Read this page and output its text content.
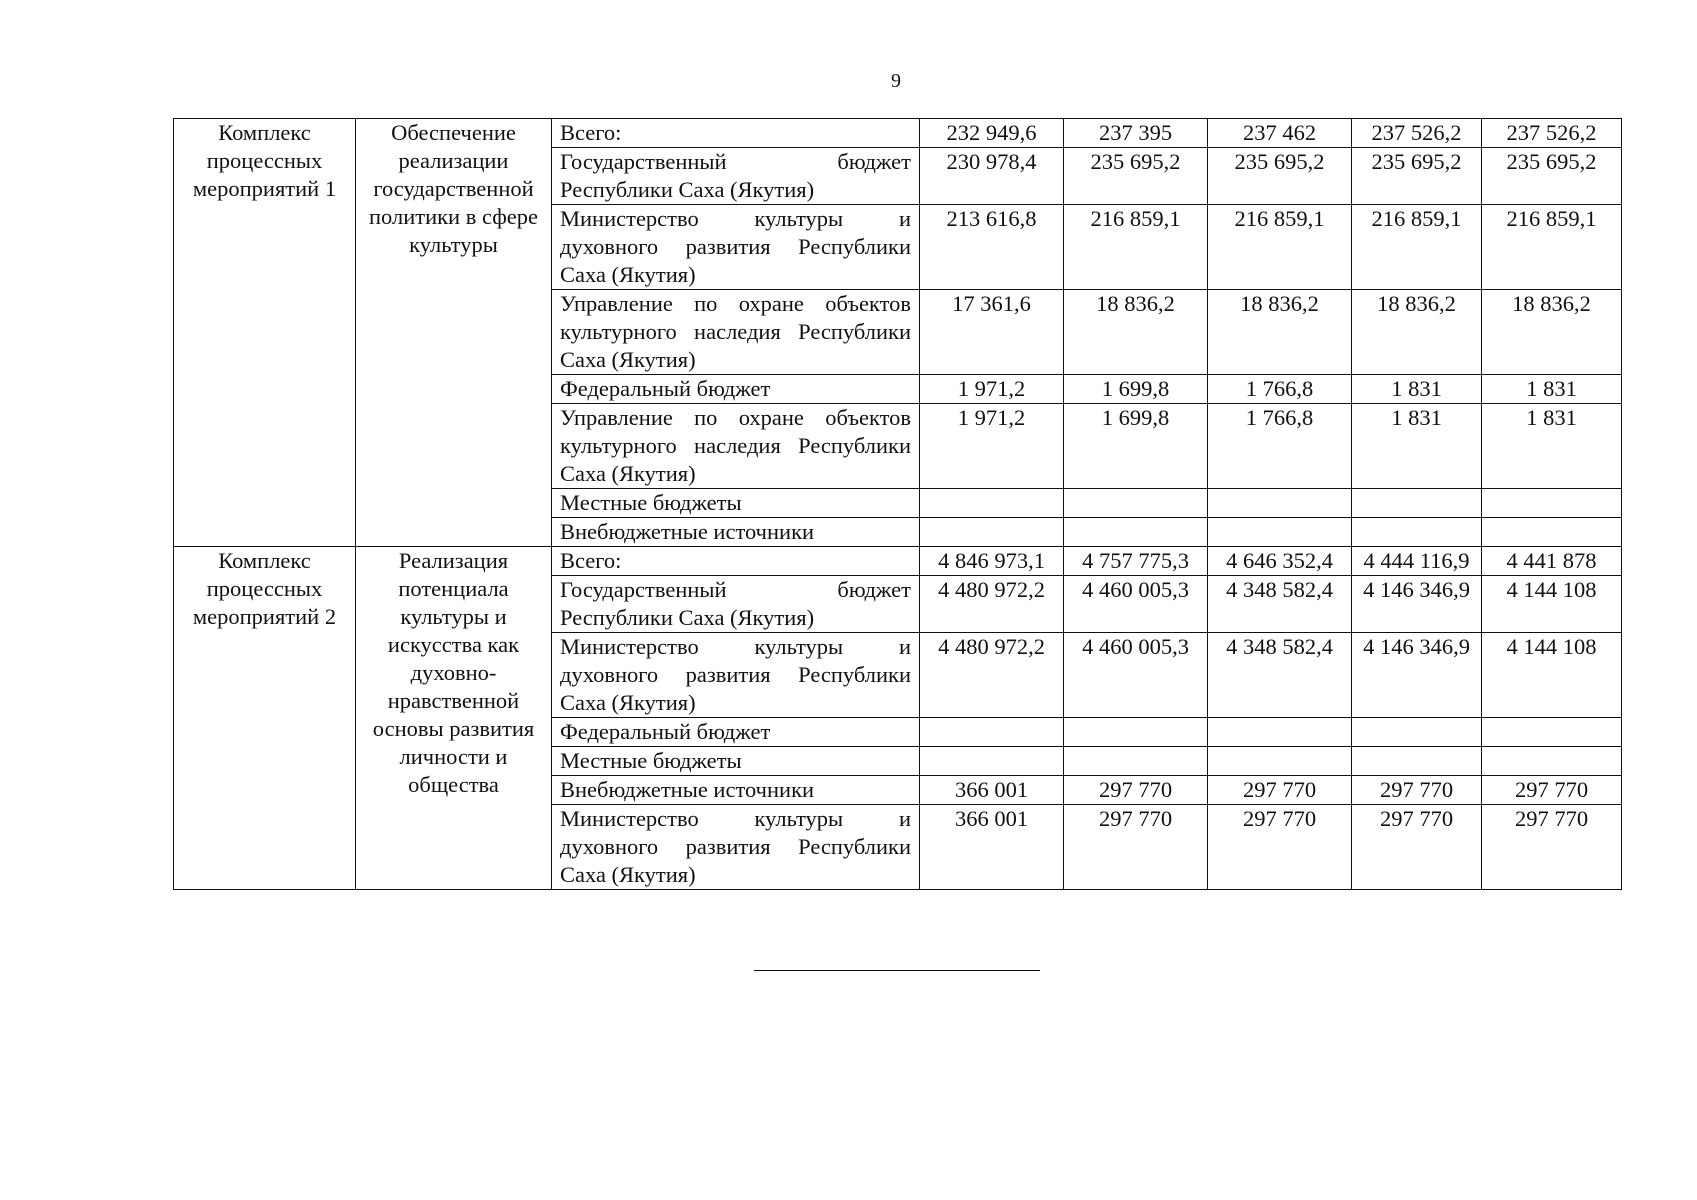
9
Комплекс процессных мероприятий 1	Обеспечение реализации государственной политики в сфере культуры	Всего:	232 949,6	237 395	237 462	237 526,2	237 526,2
		Государственный бюджет Республики Саха (Якутия)	230 978,4	235 695,2	235 695,2	235 695,2	235 695,2
		Министерство культуры и духовного развития Республики Саха (Якутия)	213 616,8	216 859,1	216 859,1	216 859,1	216 859,1
		Управление по охране объектов культурного наследия Республики Саха (Якутия)	17 361,6	18 836,2	18 836,2	18 836,2	18 836,2
		Федеральный бюджет	1 971,2	1 699,8	1 766,8	1 831	1 831
		Управление по охране объектов культурного наследия Республики Саха (Якутия)	1 971,2	1 699,8	1 766,8	1 831	1 831
		Местные бюджеты					
		Внебюджетные источники					
Комплекс процессных мероприятий 2	Реализация потенциала культуры и искусства как духовно-нравственной основы развития личности и общества	Всего:	4 846 973,1	4 757 775,3	4 646 352,4	4 444 116,9	4 441 878
		Государственный бюджет Республики Саха (Якутия)	4 480 972,2	4 460 005,3	4 348 582,4	4 146 346,9	4 144 108
		Министерство культуры и духовного развития Республики Саха (Якутия)	4 480 972,2	4 460 005,3	4 348 582,4	4 146 346,9	4 144 108
		Федеральный бюджет					
		Местные бюджеты					
		Внебюджетные источники	366 001	297 770	297 770	297 770	297 770
		Министерство культуры и духовного развития Республики Саха (Якутия)	366 001	297 770	297 770	297 770	297 770
